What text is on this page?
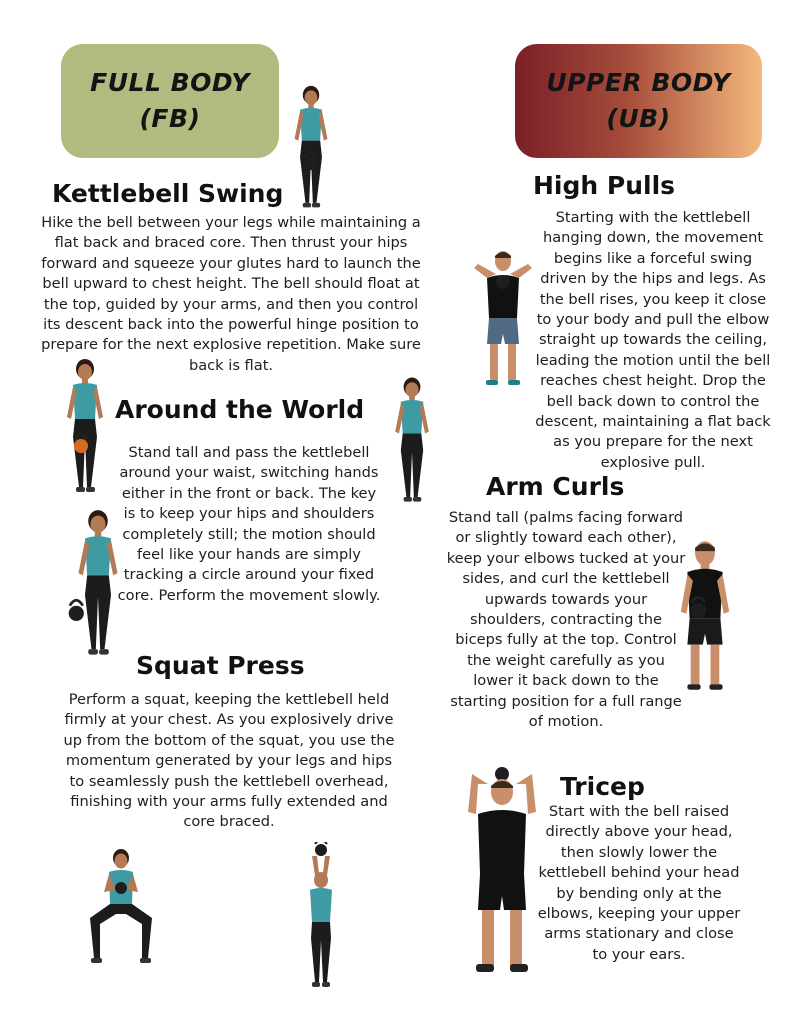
FULL BODY
(FB)
UPPER BODY
(UB)
Kettlebell Swing
Hike the bell between your legs while maintaining a flat back and braced core. Then thrust your hips forward and squeeze your glutes hard to launch the bell upward to chest height. The bell should float at the top, guided by your arms, and then you control its descent back into the powerful hinge position to prepare for the next explosive repetition. Make sure back is flat.
Around the World
Stand tall and pass the kettlebell around your waist, switching hands either in the front or back. The key is to keep your hips and shoulders completely still; the motion should feel like your hands are simply tracking a circle around your fixed core. Perform the movement slowly.
Squat Press
Perform a squat, keeping the kettlebell held firmly at your chest. As you explosively drive up from the bottom of the squat, you use the momentum generated by your legs and hips to seamlessly push the kettlebell overhead, finishing with your arms fully extended and core braced.
High Pulls
Starting with the kettlebell hanging down, the movement begins like a forceful swing driven by the hips and legs. As the bell rises, you keep it close to your body and pull the elbow straight up towards the ceiling, leading the motion until the bell reaches chest height. Drop the bell back down to control the descent, maintaining a flat back as you prepare for the next explosive pull.
Arm Curls
Stand tall (palms facing forward or slightly toward each other), keep your elbows tucked at your sides, and curl the kettlebell upwards towards your shoulders, contracting the biceps fully at the top. Control the weight carefully as you lower it back down to the starting position for a full range of motion.
Tricep
Start with the bell raised directly above your head, then slowly lower the kettlebell behind your head by bending only at the elbows, keeping your upper arms stationary and close to your ears.
